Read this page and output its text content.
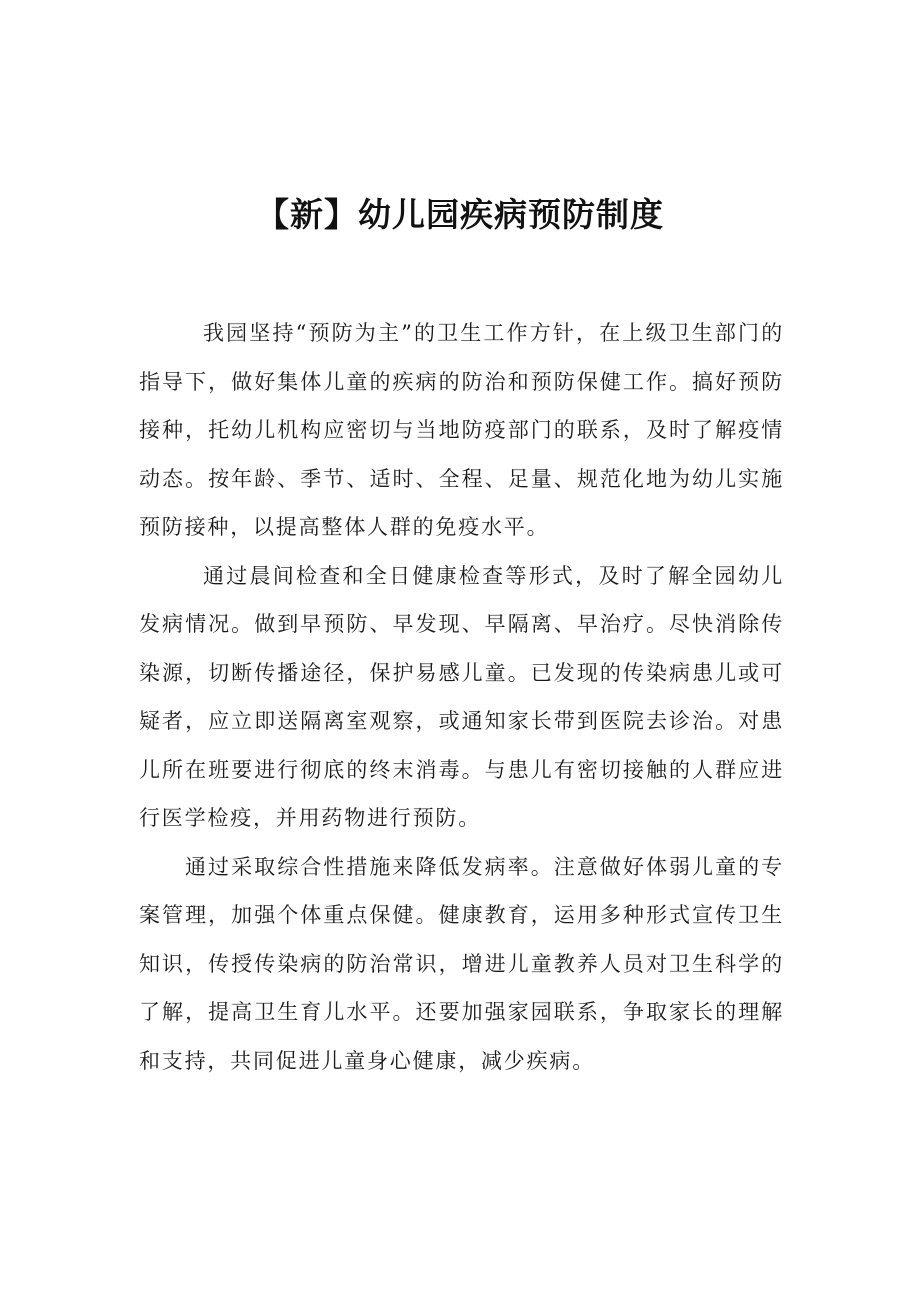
【新】幼儿园疾病预防制度

我园坚持“预防为主”的卫生工作方针，在上级卫生部门的指导下，做好集体儿童的疾病的防治和预防保健工作。搞好预防接种，托幼儿机构应密切与当地防疫部门的联系，及时了解疫情动态。按年龄、季节、适时、全程、足量、规范化地为幼儿实施预防接种，以提高整体人群的免疫水平。

通过晨间检查和全日健康检查等形式，及时了解全园幼儿发病情况。做到早预防、早发现、早隔离、早治疗。尽快消除传染源，切断传播途径，保护易感儿童。已发现的传染病患儿或可疑者，应立即送隔离室观察，或通知家长带到医院去诊治。对患儿所在班要进行彻底的终末消毒。与患儿有密切接触的人群应进行医学检疫，并用药物进行预防。

通过采取综合性措施来降低发病率。注意做好体弱儿童的专案管理，加强个体重点保健。健康教育，运用多种形式宣传卫生知识，传授传染病的防治常识，增进儿童教养人员对卫生科学的了解，提高卫生育儿水平。还要加强家园联系，争取家长的理解和支持，共同促进儿童身心健康，减少疾病。
